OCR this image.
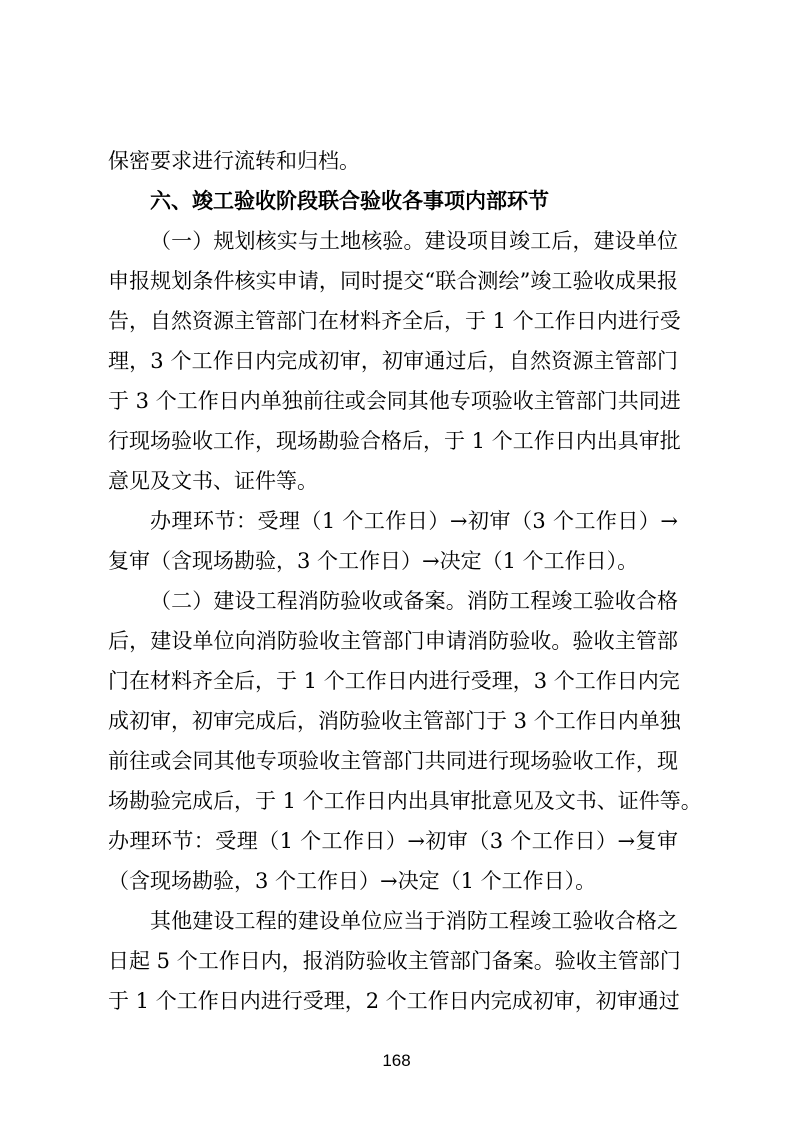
保密要求进行流转和归档。
六、竣工验收阶段联合验收各事项内部环节
（一）规划核实与土地核验。建设项目竣工后，建设单位
申报规划条件核实申请，同时提交“联合测绘”竣工验收成果报
告，自然资源主管部门在材料齐全后，于 1 个工作日内进行受
理，3 个工作日内完成初审，初审通过后，自然资源主管部门
于 3 个工作日内单独前往或会同其他专项验收主管部门共同进
行现场验收工作，现场勘验合格后，于 1 个工作日内出具审批
意见及文书、证件等。
办理环节：受理（1 个工作日）→初审（3 个工作日）→
复审（含现场勘验，3 个工作日）→决定（1 个工作日）。
（二）建设工程消防验收或备案。消防工程竣工验收合格
后，建设单位向消防验收主管部门申请消防验收。验收主管部
门在材料齐全后，于 1 个工作日内进行受理，3 个工作日内完
成初审，初审完成后，消防验收主管部门于 3 个工作日内单独
前往或会同其他专项验收主管部门共同进行现场验收工作，现
场勘验完成后，于 1 个工作日内出具审批意见及文书、证件等。
办理环节：受理（1 个工作日）→初审（3 个工作日）→复审
（含现场勘验，3 个工作日）→决定（1 个工作日）。
其他建设工程的建设单位应当于消防工程竣工验收合格之
日起 5 个工作日内，报消防验收主管部门备案。验收主管部门
于 1 个工作日内进行受理，2 个工作日内完成初审，初审通过
168
